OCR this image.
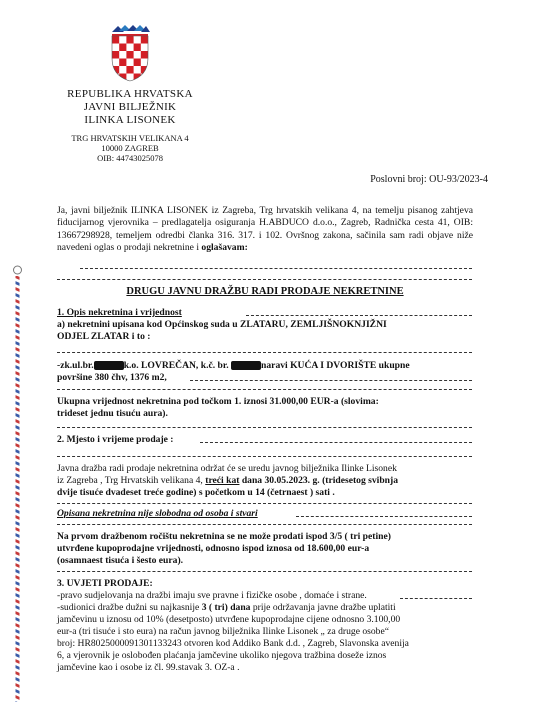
REPUBLIKA HRVATSKA
JAVNI BILJEŽNIK
ILINKA LISONEK
TRG HRVATSKIH VELIKANA 4
10000 ZAGREB
OIB: 44743025078
Poslovni broj: OU-93/2023-4
Ja, javni bilježnik ILINKA LISONEK iz Zagreba, Trg hrvatskih velikana 4, na temelju pisanog zahtjeva fiducijarnog vjerovnika – predlagatelja osiguranja H.ABDUCO d.o.o., Zagreb, Radnička cesta 41, OIB: 13667298928, temeljem odredbi članka 316. 317. i 102. Ovršnog zakona, sačinila sam radi objave niže navedeni oglas o prodaji nekretnine i oglašavam:
DRUGU JAVNU DRAŽBU RADI PRODAJE NEKRETNINE
1. Opis nekretnina i vrijednost
a) nekretnini upisana kod Općinskog suda u ZLATARU, ZEMLJIŠNOKNJIŽNI
ODJEL ZLATAR i to :
-zk.ul.br.	k.o. LOVREČAN, k.č. br.	naravi KUĆA I DVORIŠTE ukupne
površine 380 čhv, 1376 m2,
Ukupna vrijednost nekretnina pod točkom 1. iznosi 31.000,00 EUR-a (slovima:
trideset jednu tisuću aura).
2. Mjesto i vrijeme prodaje :
Javna dražba radi prodaje nekretnina održat će se uredu javnog bilježnika Ilinke Lisonek
iz Zagreba , Trg Hrvatskih velikana 4, treći kat dana 30.05.2023. g. (tridesetog svibnja
dvije tisuće dvadeset treće godine) s početkom u 14 (četrnaest ) sati .
Opisana nekretnina nije slobodna od osoba i stvari
Na prvom dražbenom ročištu nekretnina se ne može prodati ispod 3/5 ( tri petine)
utvrđene kupoprodajne vrijednosti, odnosno ispod iznosa od 18.600,00 eur-a
(osamnaest tisuća i šesto eura).
3. UVJETI PRODAJE:
-pravo sudjelovanja na dražbi imaju sve pravne i fizičke osobe , domaće i strane.
-sudionici dražbe dužni su najkasnije 3 ( tri) dana prije održavanja javne dražbe uplatiti
jamčevinu u iznosu od 10% (desetposto) utvrđene kupoprodajne cijene odnosno 3.100,00
eur-a (tri tisuće i sto eura) na račun javnog bilježnika Ilinke Lisonek „ za druge osobe“
broj: HR8025000091301133243 otvoren kod Addiko Bank d.d. , Zagreb, Slavonska avenija
6, a vjerovnik je oslobođen plaćanja jamčevine ukoliko njegova tražbina doseže iznos
jamčevine kao i osobe iz čl. 99.stavak 3. OZ-a .
